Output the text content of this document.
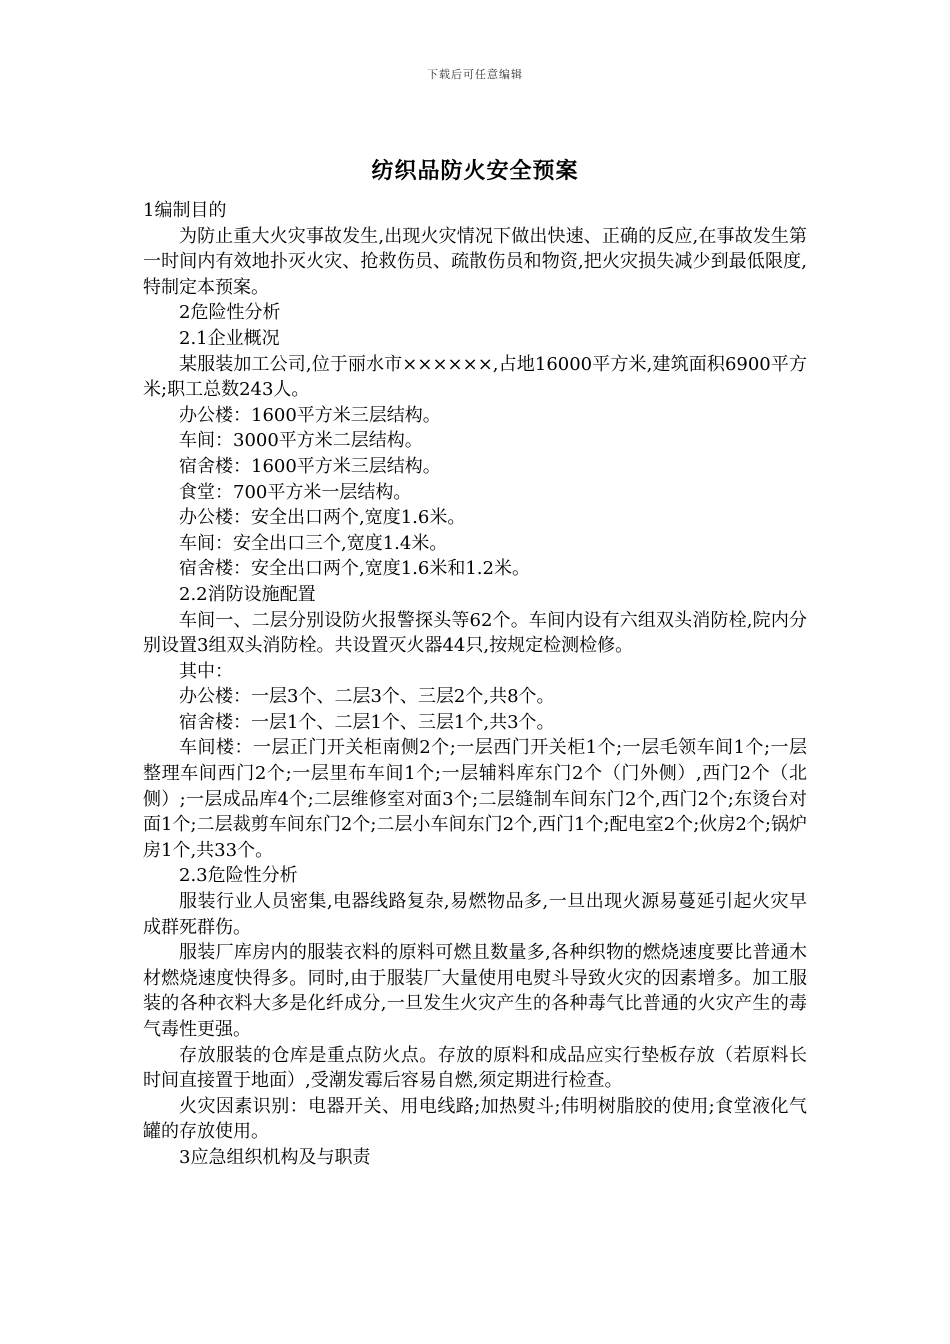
下载后可任意编辑
纺织品防火安全预案

1编制目的

为防止重大火灾事故发生,出现火灾情况下做出快速、正确的反应,在事故发生第一时间内有效地扑灭火灾、抢救伤员、疏散伤员和物资,把火灾损失减少到最低限度,特制定本预案。

2危险性分析

2.1企业概况

某服装加工公司,位于丽水市××××××,占地16000平方米,建筑面积6900平方米;职工总数243人。

办公楼：1600平方米三层结构。

车间：3000平方米二层结构。

宿舍楼：1600平方米三层结构。

食堂：700平方米一层结构。

办公楼：安全出口两个,宽度1.6米。

车间：安全出口三个,宽度1.4米。

宿舍楼：安全出口两个,宽度1.6米和1.2米。

2.2消防设施配置

车间一、二层分别设防火报警探头等62个。车间内设有六组双头消防栓,院内分别设置3组双头消防栓。共设置灭火器44只,按规定检测检修。

其中：

办公楼：一层3个、二层3个、三层2个,共8个。

宿舍楼：一层1个、二层1个、三层1个,共3个。

车间楼：一层正门开关柜南侧2个;一层西门开关柜1个;一层毛领车间1个;一层整理车间西门2个;一层里布车间1个;一层辅料库东门2个（门外侧）,西门2个（北侧）;一层成品库4个;二层维修室对面3个;二层缝制车间东门2个,西门2个;东烫台对面1个;二层裁剪车间东门2个;二层小车间东门2个,西门1个;配电室2个;伙房2个;锅炉房1个,共33个。

2.3危险性分析

服装行业人员密集,电器线路复杂,易燃物品多,一旦出现火源易蔓延引起火灾早成群死群伤。

服装厂库房内的服装衣料的原料可燃且数量多,各种织物的燃烧速度要比普通木材燃烧速度快得多。同时,由于服装厂大量使用电熨斗导致火灾的因素增多。加工服装的各种衣料大多是化纤成分,一旦发生火灾产生的各种毒气比普通的火灾产生的毒气毒性更强。

存放服装的仓库是重点防火点。存放的原料和成品应实行垫板存放（若原料长时间直接置于地面）,受潮发霉后容易自燃,须定期进行检查。

火灾因素识别：电器开关、用电线路;加热熨斗;伟明树脂胶的使用;食堂液化气罐的存放使用。

3应急组织机构及与职责
